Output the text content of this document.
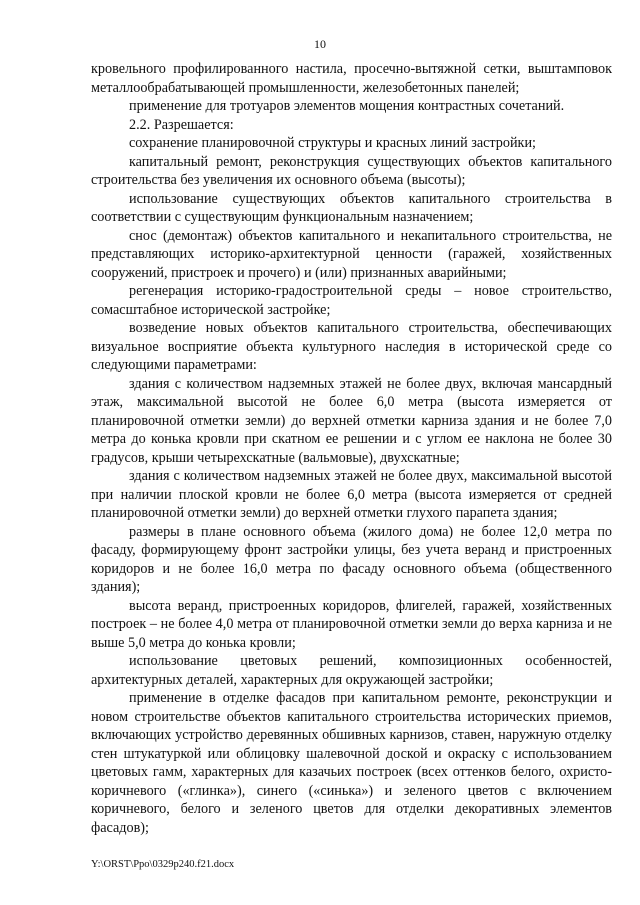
10

кровельного профилированного настила, просечно-вытяжной сетки, выштамповок металлообрабатывающей промышленности, железобетонных панелей;

применение для тротуаров элементов мощения контрастных сочетаний.

2.2. Разрешается:

сохранение планировочной структуры и красных линий застройки;

капитальный ремонт, реконструкция существующих объектов капитального строительства без увеличения их основного объема (высоты);

использование существующих объектов капитального строительства в соответствии с существующим функциональным назначением;

снос (демонтаж) объектов капитального и некапитального строительства, не представляющих историко-архитектурной ценности (гаражей, хозяйственных сооружений, пристроек и прочего) и (или) признанных аварийными;

регенерация историко-градостроительной среды – новое строительство, сомасштабное исторической застройке;

возведение новых объектов капитального строительства, обеспечивающих визуальное восприятие объекта культурного наследия в исторической среде со следующими параметрами:

здания с количеством надземных этажей не более двух, включая мансардный этаж, максимальной высотой не более 6,0 метра (высота измеряется от планировочной отметки земли) до верхней отметки карниза здания и не более 7,0 метра до конька кровли при скатном ее решении и с углом ее наклона не более 30 градусов, крыши четырехскатные (вальмовые), двухскатные;

здания с количеством надземных этажей не более двух, максимальной высотой при наличии плоской кровли не более 6,0 метра (высота измеряется от средней планировочной отметки земли) до верхней отметки глухого парапета здания;

размеры в плане основного объема (жилого дома) не более 12,0 метра по фасаду, формирующему фронт застройки улицы, без учета веранд и пристроенных коридоров и не более 16,0 метра по фасаду основного объема (общественного здания);

высота веранд, пристроенных коридоров, флигелей, гаражей, хозяйственных построек – не более 4,0 метра от планировочной отметки земли до верха карниза и не выше 5,0 метра до конька кровли;

использование цветовых решений, композиционных особенностей, архитектурных деталей, характерных для окружающей застройки;

применение в отделке фасадов при капитальном ремонте, реконструкции и новом строительстве объектов капитального строительства исторических приемов, включающих устройство деревянных обшивных карнизов, ставен, наружную отделку стен штукатуркой или облицовку шалевочной доской и окраску с использованием цветовых гамм, характерных для казачьих построек (всех оттенков белого, охристо-коричневого («глинка»), синего («синька») и зеленого цветов с включением коричневого, белого и зеленого цветов для отделки декоративных элементов фасадов);

Y:\ORST\Ppo\0329p240.f21.docx
